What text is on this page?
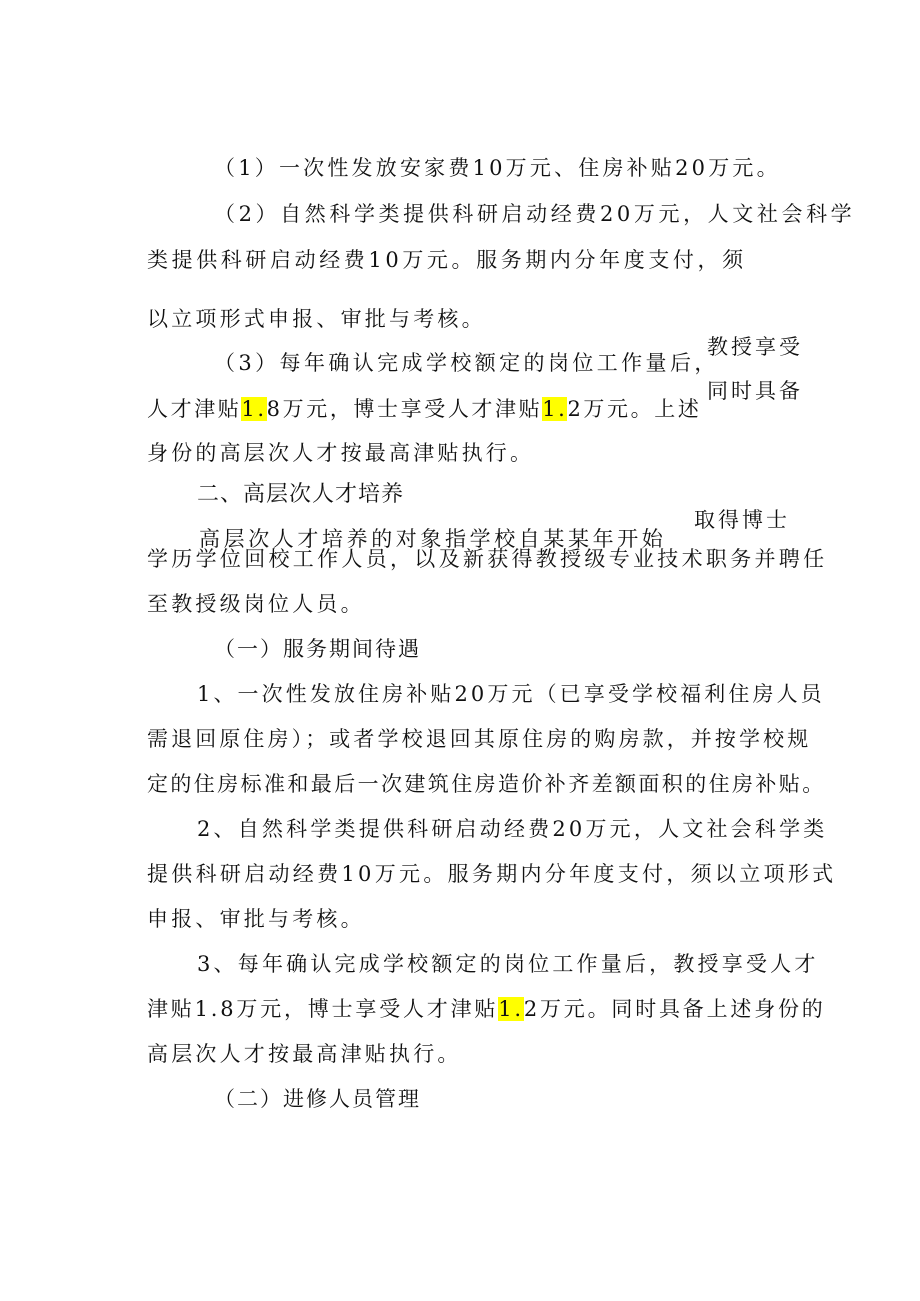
（1）一次性发放安家费10万元、住房补贴20万元。
（2）自然科学类提供科研启动经费20万元，人文社会科学
类提供科研启动经费10万元。服务期内分年度支付，须
以立项形式申报、审批与考核。
（3）每年确认完成学校额定的岗位工作量后，
教授享受
同时具备
人才津贴1.8万元，博士享受人才津贴1.2万元。上述
身份的高层次人才按最高津贴执行。
二、高层次人才培养
取得博士
高层次人才培养的对象指学校自某某年开始
学历学位回校工作人员，以及新获得教授级专业技术职务并聘任
至教授级岗位人员。
（一）服务期间待遇
1、一次性发放住房补贴20万元（已享受学校福利住房人员
需退回原住房）；或者学校退回其原住房的购房款，并按学校规
定的住房标准和最后一次建筑住房造价补齐差额面积的住房补贴。
2、自然科学类提供科研启动经费20万元，人文社会科学类
提供科研启动经费10万元。服务期内分年度支付，须以立项形式
申报、审批与考核。
3、每年确认完成学校额定的岗位工作量后，教授享受人才
津贴1.8万元，博士享受人才津贴1.2万元。同时具备上述身份的
高层次人才按最高津贴执行。
（二）进修人员管理
